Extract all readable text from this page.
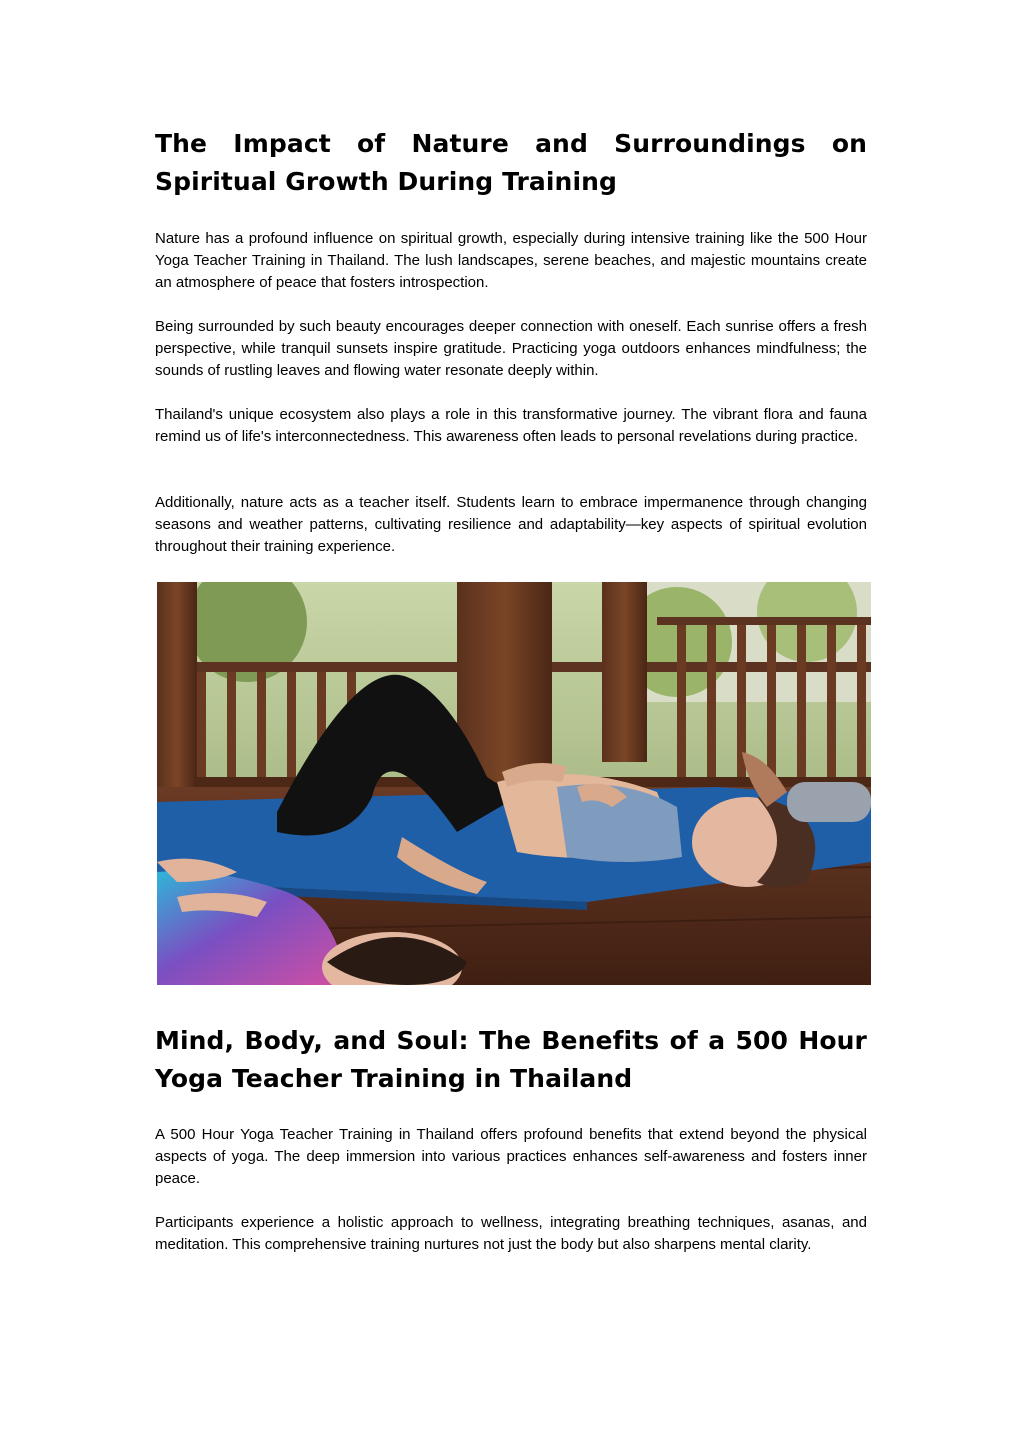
The Impact of Nature and Surroundings on Spiritual Growth During Training

Nature has a profound influence on spiritual growth, especially during intensive training like the 500 Hour Yoga Teacher Training in Thailand. The lush landscapes, serene beaches, and majestic mountains create an atmosphere of peace that fosters introspection.

Being surrounded by such beauty encourages deeper connection with oneself. Each sunrise offers a fresh perspective, while tranquil sunsets inspire gratitude. Practicing yoga outdoors enhances mindfulness; the sounds of rustling leaves and flowing water resonate deeply within.

Thailand's unique ecosystem also plays a role in this transformative journey. The vibrant flora and fauna remind us of life's interconnectedness. This awareness often leads to personal revelations during practice.

Additionally, nature acts as a teacher itself. Students learn to embrace impermanence through changing seasons and weather patterns, cultivating resilience and adaptability—key aspects of spiritual evolution throughout their training experience.

Mind, Body, and Soul: The Benefits of a 500 Hour Yoga Teacher Training in Thailand

A 500 Hour Yoga Teacher Training in Thailand offers profound benefits that extend beyond the physical aspects of yoga. The deep immersion into various practices enhances self-awareness and fosters inner peace.

Participants experience a holistic approach to wellness, integrating breathing techniques, asanas, and meditation. This comprehensive training nurtures not just the body but also sharpens mental clarity.
